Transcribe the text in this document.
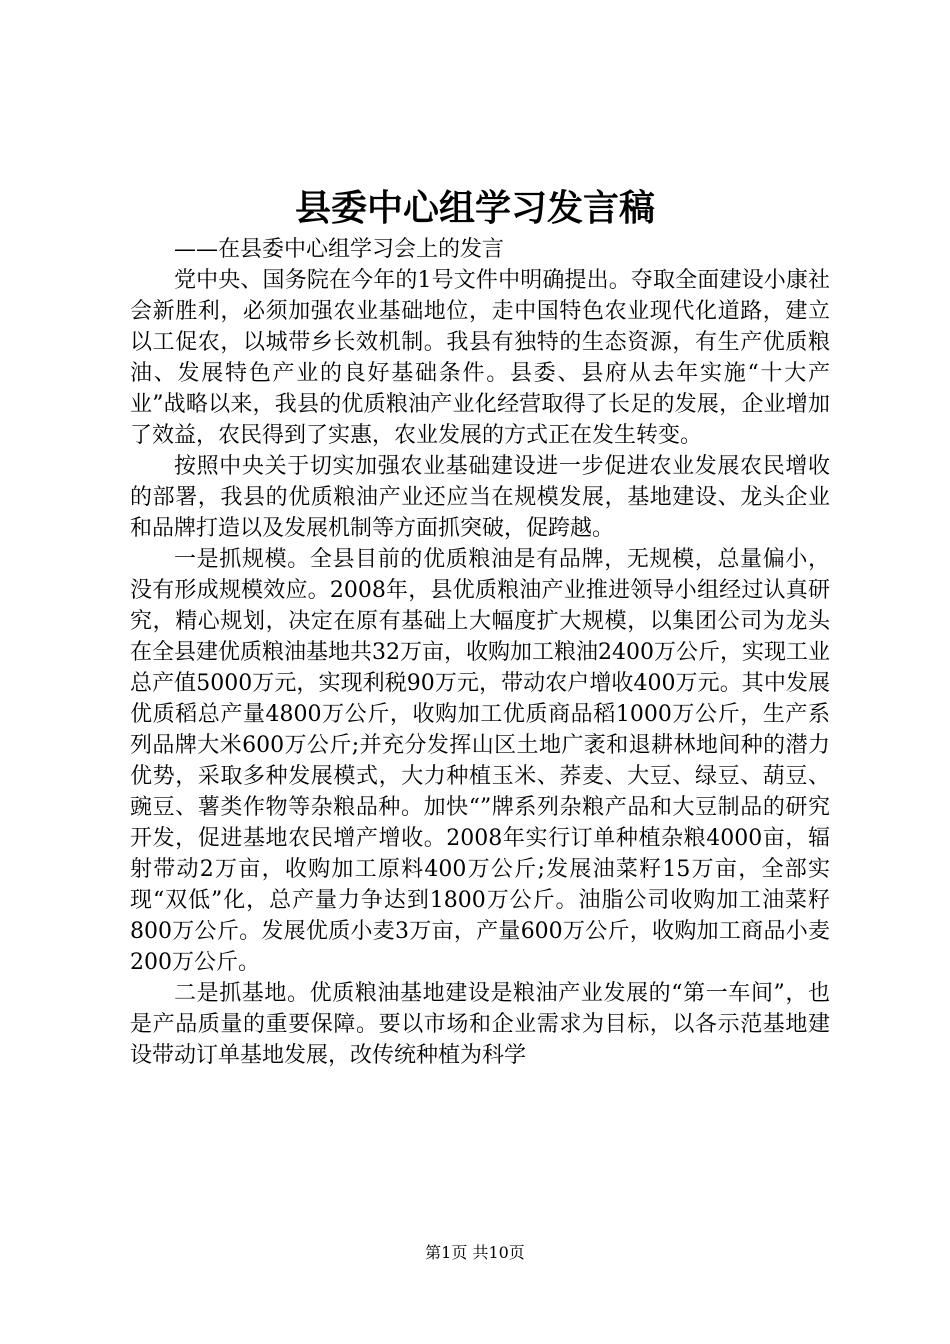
县委中心组学习发言稿

——在县委中心组学习会上的发言

党中央、国务院在今年的1号文件中明确提出。夺取全面建设小康社会新胜利，必须加强农业基础地位，走中国特色农业现代化道路，建立以工促农，以城带乡长效机制。我县有独特的生态资源，有生产优质粮油、发展特色产业的良好基础条件。县委、县府从去年实施“十大产业”战略以来，我县的优质粮油产业化经营取得了长足的发展，企业增加了效益，农民得到了实惠，农业发展的方式正在发生转变。

按照中央关于切实加强农业基础建设进一步促进农业发展农民增收的部署，我县的优质粮油产业还应当在规模发展，基地建设、龙头企业和品牌打造以及发展机制等方面抓突破，促跨越。

一是抓规模。全县目前的优质粮油是有品牌，无规模，总量偏小，没有形成规模效应。2008年，县优质粮油产业推进领导小组经过认真研究，精心规划，决定在原有基础上大幅度扩大规模，以集团公司为龙头在全县建优质粮油基地共32万亩，收购加工粮油2400万公斤，实现工业总产值5000万元，实现利税90万元，带动农户增收400万元。其中发展优质稻总产量4800万公斤，收购加工优质商品稻1000万公斤，生产系列品牌大米600万公斤;并充分发挥山区土地广袤和退耕林地间种的潜力优势，采取多种发展模式，大力种植玉米、荞麦、大豆、绿豆、葫豆、豌豆、薯类作物等杂粮品种。加快“”牌系列杂粮产品和大豆制品的研究开发，促进基地农民增产增收。2008年实行订单种植杂粮4000亩，辐射带动2万亩，收购加工原料400万公斤;发展油菜籽15万亩，全部实现“双低”化，总产量力争达到1800万公斤。油脂公司收购加工油菜籽800万公斤。发展优质小麦3万亩，产量600万公斤，收购加工商品小麦200万公斤。

二是抓基地。优质粮油基地建设是粮油产业发展的“第一车间”，也是产品质量的重要保障。要以市场和企业需求为目标，以各示范基地建设带动订单基地发展，改传统种植为科学

第1页 共10页
